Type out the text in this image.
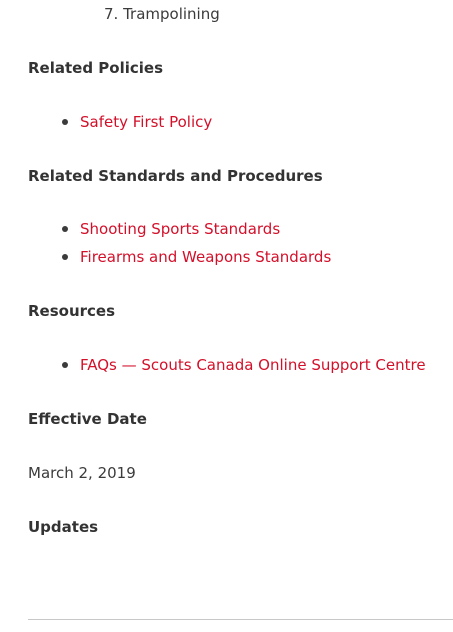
7. Trampolining
Related Policies
Safety First Policy
Related Standards and Procedures
Shooting Sports Standards
Firearms and Weapons Standards
Resources
FAQs — Scouts Canada Online Support Centre
Effective Date
March 2, 2019
Updates
